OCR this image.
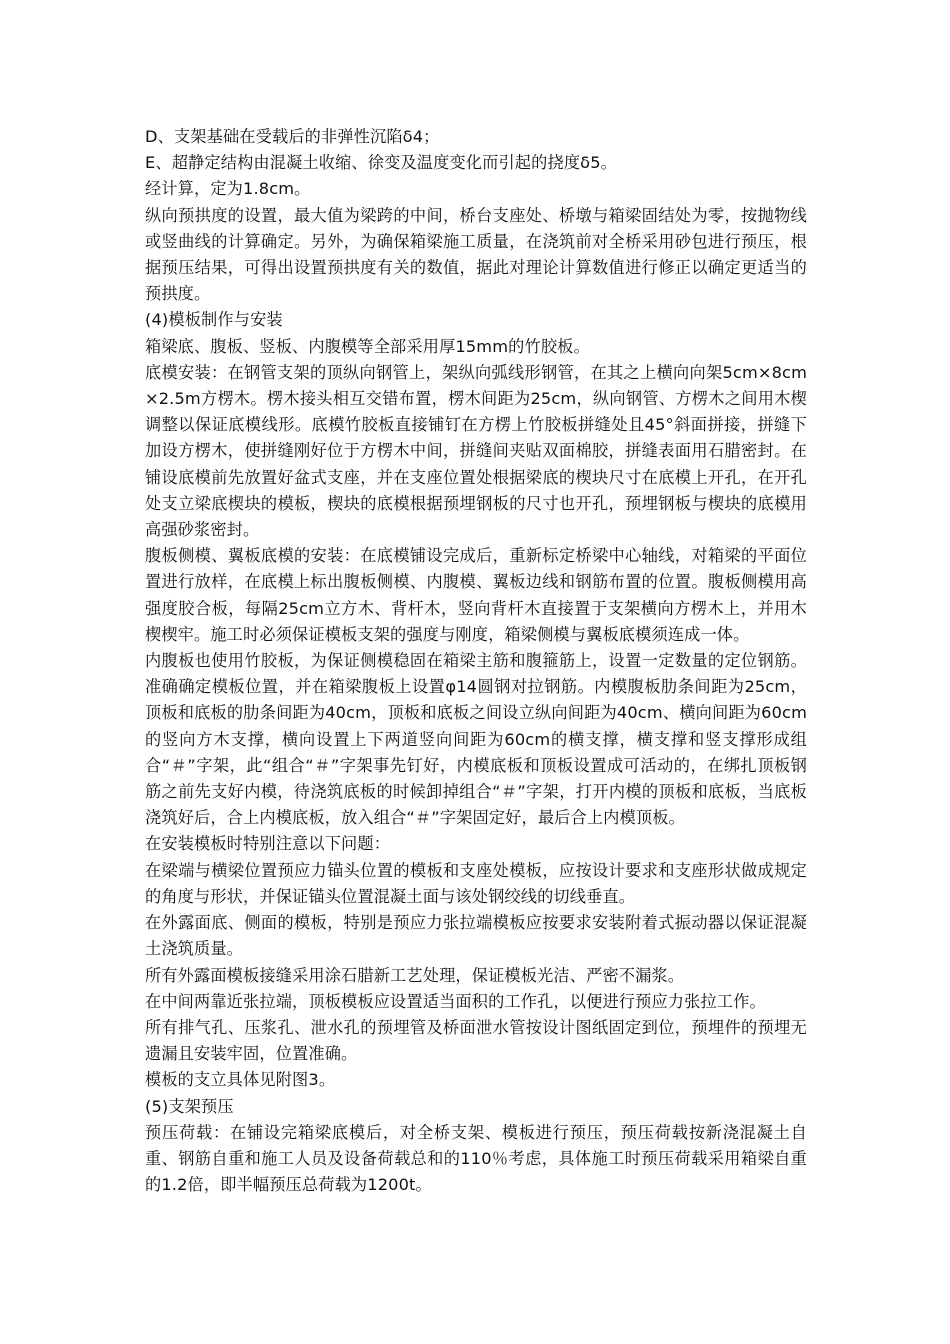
D、支架基础在受载后的非弹性沉陷δ4；

E、超静定结构由混凝土收缩、徐变及温度变化而引起的挠度δ5。

经计算，定为1.8cm。

纵向预拱度的设置，最大值为梁跨的中间，桥台支座处、桥墩与箱梁固结处为零，按抛物线或竖曲线的计算确定。另外，为确保箱梁施工质量，在浇筑前对全桥采用砂包进行预压，根据预压结果，可得出设置预拱度有关的数值，据此对理论计算数值进行修正以确定更适当的预拱度。

(4)模板制作与安装

箱梁底、腹板、竖板、内腹模等全部采用厚15mm的竹胶板。

底模安装：在钢管支架的顶纵向钢管上，架纵向弧线形钢管，在其之上横向向架5cm×8cm×2.5m方楞木。楞木接头相互交错布置，楞木间距为25cm，纵向钢管、方楞木之间用木楔调整以保证底模线形。底模竹胶板直接铺钉在方楞上竹胶板拼缝处且45°斜面拼接，拼缝下加设方楞木，使拼缝刚好位于方楞木中间，拼缝间夹贴双面棉胶，拼缝表面用石腊密封。在铺设底模前先放置好盆式支座，并在支座位置处根据梁底的楔块尺寸在底模上开孔，在开孔处支立梁底楔块的模板，楔块的底模根据预埋钢板的尺寸也开孔，预埋钢板与楔块的底模用高强砂浆密封。

腹板侧模、翼板底模的安装：在底模铺设完成后，重新标定桥梁中心轴线，对箱梁的平面位置进行放样，在底模上标出腹板侧模、内腹模、翼板边线和钢筋布置的位置。腹板侧模用高强度胶合板，每隔25cm立方木、背杆木，竖向背杆木直接置于支架横向方楞木上，并用木楔楔牢。施工时必须保证模板支架的强度与刚度，箱梁侧模与翼板底模须连成一体。

内腹板也使用竹胶板，为保证侧模稳固在箱梁主筋和腹箍筋上，设置一定数量的定位钢筋。准确确定模板位置，并在箱梁腹板上设置φ14圆钢对拉钢筋。内模腹板肋条间距为25cm，顶板和底板的肋条间距为40cm，顶板和底板之间设立纵向间距为40cm、横向间距为60cm的竖向方木支撑，横向设置上下两道竖向间距为60cm的横支撑，横支撑和竖支撑形成组合“＃”字架，此“组合“＃”字架事先钉好，内模底板和顶板设置成可活动的，在绑扎顶板钢筋之前先支好内模，待浇筑底板的时候卸掉组合“＃”字架，打开内模的顶板和底板，当底板浇筑好后，合上内模底板，放入组合“＃”字架固定好，最后合上内模顶板。

在安装模板时特别注意以下问题：

在梁端与横梁位置预应力锚头位置的模板和支座处模板，应按设计要求和支座形状做成规定的角度与形状，并保证锚头位置混凝土面与该处钢绞线的切线垂直。

在外露面底、侧面的模板，特别是预应力张拉端模板应按要求安装附着式振动器以保证混凝土浇筑质量。

所有外露面模板接缝采用涂石腊新工艺处理，保证模板光洁、严密不漏浆。

在中间两靠近张拉端，顶板模板应设置适当面积的工作孔，以便进行预应力张拉工作。

所有排气孔、压浆孔、泄水孔的预埋管及桥面泄水管按设计图纸固定到位，预埋件的预埋无遗漏且安装牢固，位置准确。

模板的支立具体见附图3。

(5)支架预压

预压荷载：在铺设完箱梁底模后，对全桥支架、模板进行预压，预压荷载按新浇混凝土自重、钢筋自重和施工人员及设备荷载总和的110％考虑，具体施工时预压荷载采用箱梁自重的1.2倍，即半幅预压总荷载为1200t。
